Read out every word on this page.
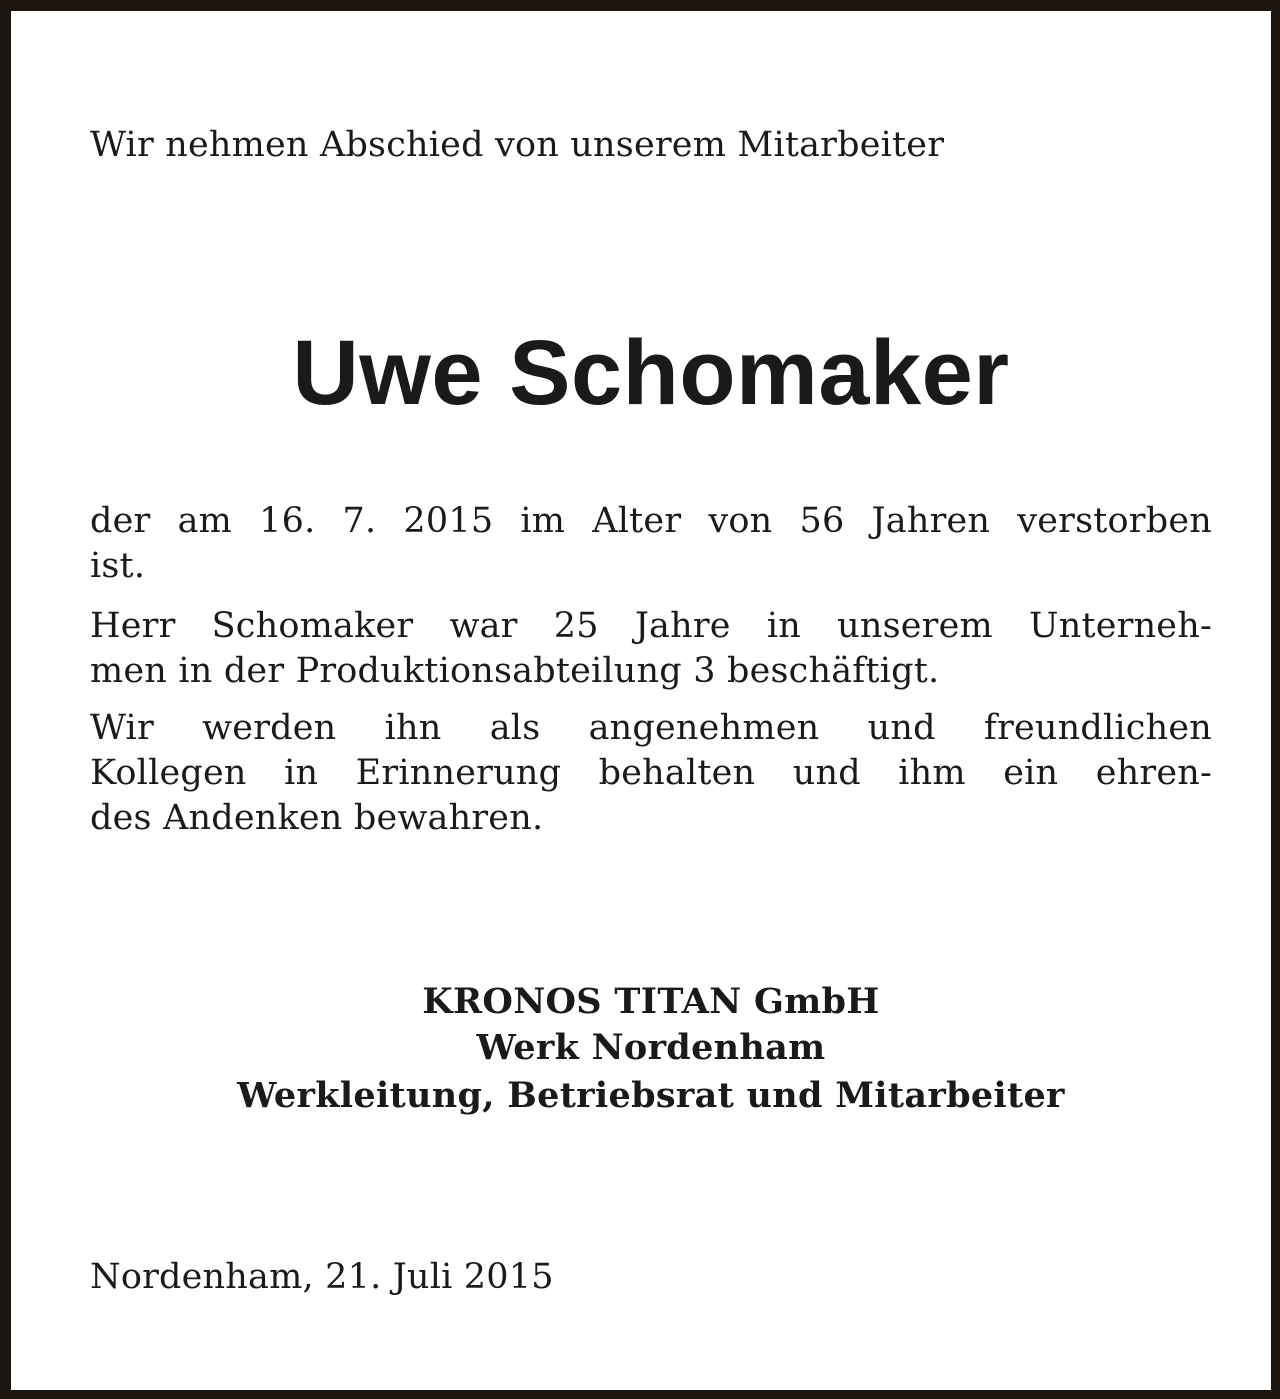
Wir nehmen Abschied von unserem Mitarbeiter
Uwe Schomaker
der am 16. 7. 2015 im Alter von 56 Jahren verstorben
ist.
Herr Schomaker war 25 Jahre in unserem Unterneh-
men in der Produktionsabteilung 3 beschäftigt.
Wir werden ihn als angenehmen und freundlichen
Kollegen in Erinnerung behalten und ihm ein ehren-
des Andenken bewahren.
KRONOS TITAN GmbH
Werk Nordenham
Werkleitung, Betriebsrat und Mitarbeiter
Nordenham, 21. Juli 2015
